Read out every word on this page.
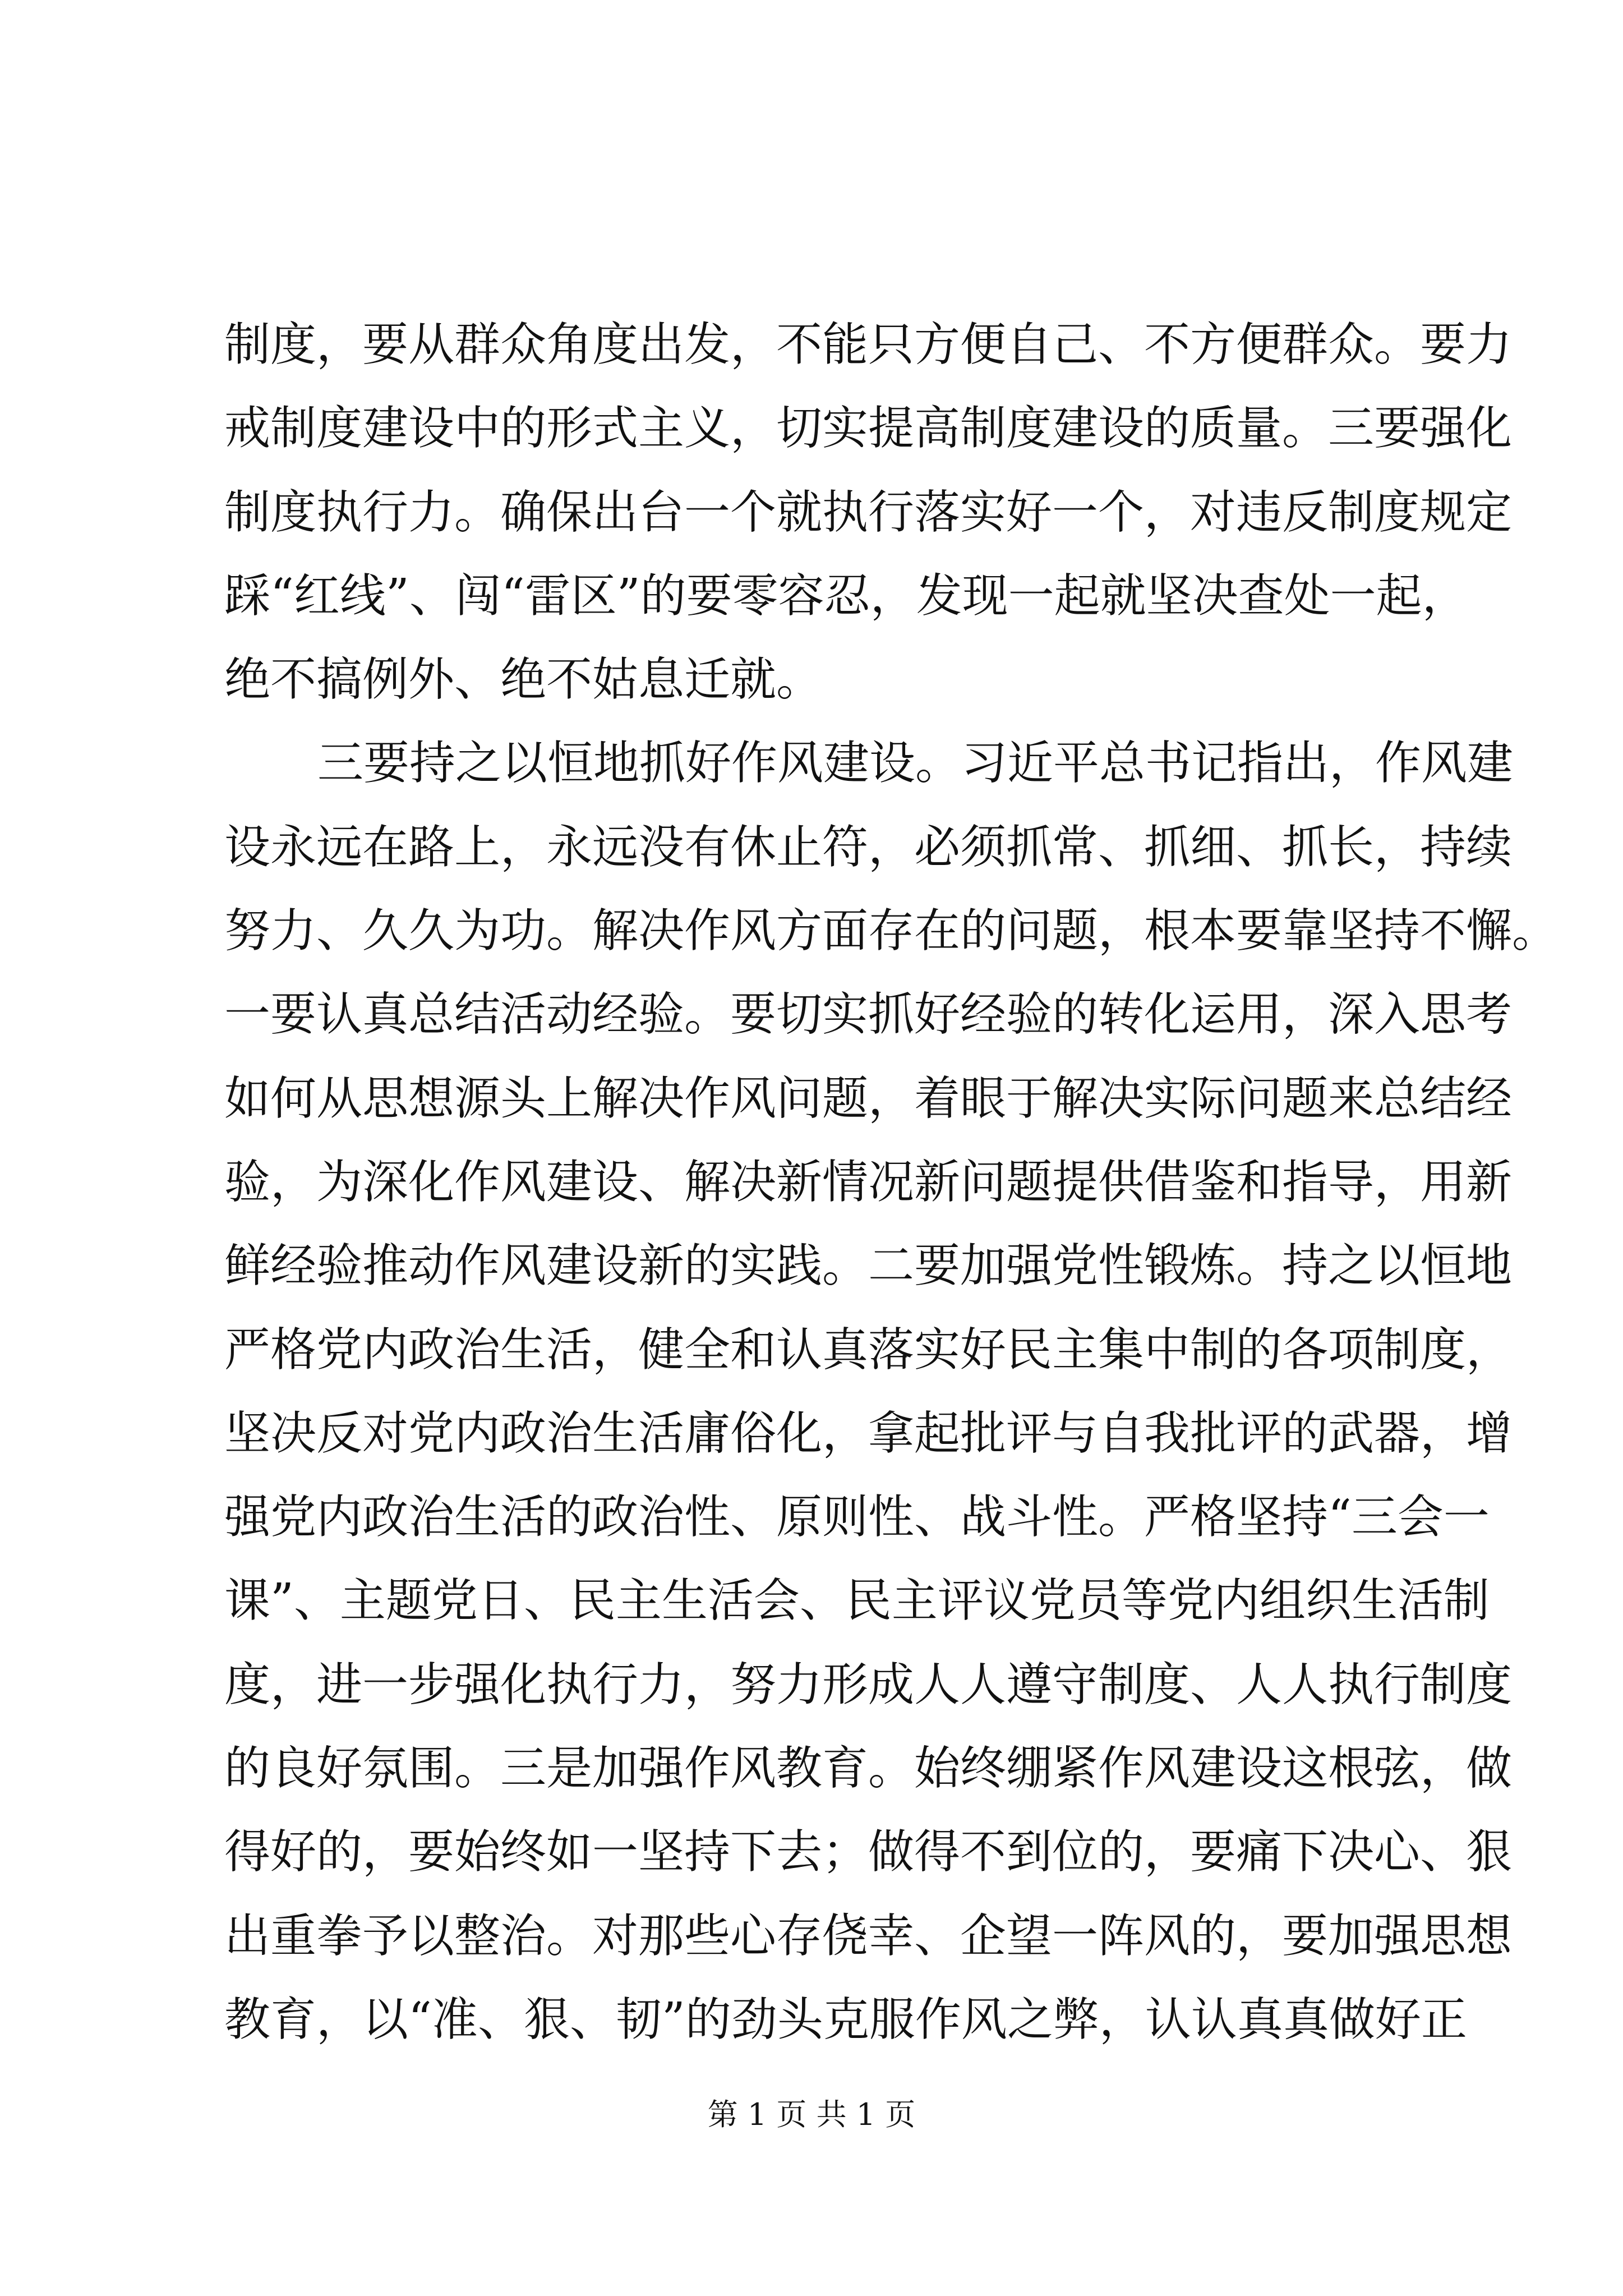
制度，要从群众角度出发，不能只方便自己、不方便群众。要力
戒制度建设中的形式主义，切实提高制度建设的质量。三要强化
制度执行力。确保出台一个就执行落实好一个，对违反制度规定
踩“红线”、闯“雷区”的要零容忍，发现一起就坚决查处一起，
绝不搞例外、绝不姑息迁就。
三要持之以恒地抓好作风建设。习近平总书记指出，作风建
设永远在路上，永远没有休止符，必须抓常、抓细、抓长，持续
努力、久久为功。解决作风方面存在的问题，根本要靠坚持不懈。
一要认真总结活动经验。要切实抓好经验的转化运用，深入思考
如何从思想源头上解决作风问题，着眼于解决实际问题来总结经
验，为深化作风建设、解决新情况新问题提供借鉴和指导，用新
鲜经验推动作风建设新的实践。二要加强党性锻炼。持之以恒地
严格党内政治生活，健全和认真落实好民主集中制的各项制度，
坚决反对党内政治生活庸俗化，拿起批评与自我批评的武器，增
强党内政治生活的政治性、原则性、战斗性。严格坚持“三会一
课”、主题党日、民主生活会、民主评议党员等党内组织生活制
度，进一步强化执行力，努力形成人人遵守制度、人人执行制度
的良好氛围。三是加强作风教育。始终绷紧作风建设这根弦，做
得好的，要始终如一坚持下去；做得不到位的，要痛下决心、狠
出重拳予以整治。对那些心存侥幸、企望一阵风的，要加强思想
教育，以“准、狠、韧”的劲头克服作风之弊，认认真真做好正
第 1 页 共 1 页
